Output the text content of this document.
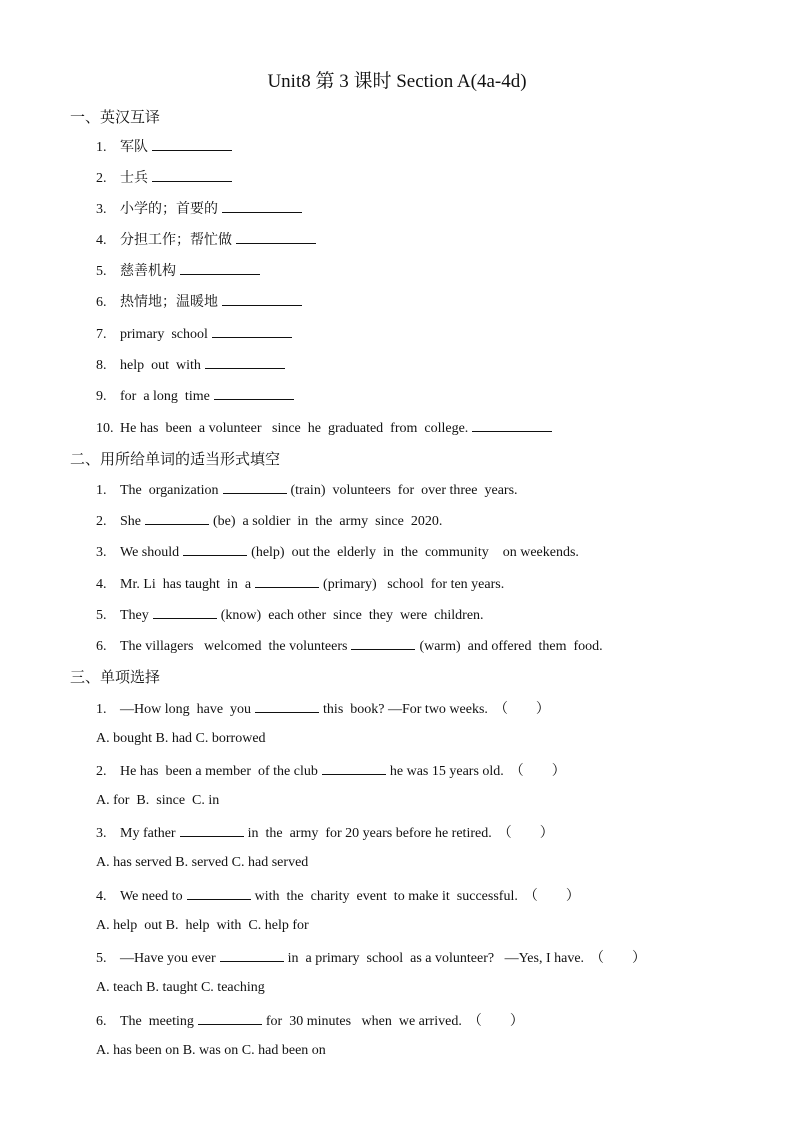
Unit8 第 3 课时 Section A(4a-4d)
一、英汉互译
1. 军队
2. 士兵
3. 小学的；首要的
4. 分担工作；帮忙做
5. 慈善机构
6. 热情地；温暖地
7. primary  school
8. help  out  with
9. for  a long  time
10. He has  been  a volunteer   since  he  graduated  from  college.
二、用所给单词的适当形式填空
1. The  organization	(train)  volunteers  for  over three  years.
2. She	(be)  a soldier  in  the  army  since  2020.
3. We should	(help)  out the  elderly  in  the  community    on weekends.
4. Mr. Li  has taught  in  a	(primary)   school  for ten years.
5. They	(know)  each other  since  they  were  children.
6. The villagers   welcomed  the volunteers	(warm)  and offered  them  food.
三、单项选择
1. —How long  have  you	this  book? —For two weeks. （        ）
A. bought B. had C. borrowed
2. He has  been a member  of the club	he was 15 years old. （        ）
A. for  B.  since  C. in
3. My father	in  the  army  for 20 years before he retired. （        ）
A. has served B. served C. had served
4. We need to	with  the  charity  event  to make it  successful. （        ）
A. help  out B.  help  with  C. help for
5. —Have you ever	in  a primary  school  as a volunteer?   —Yes, I have. （        ）
A. teach B. taught C. teaching
6. The  meeting	for  30 minutes   when  we arrived. （        ）
A. has been on B. was on C. had been on
